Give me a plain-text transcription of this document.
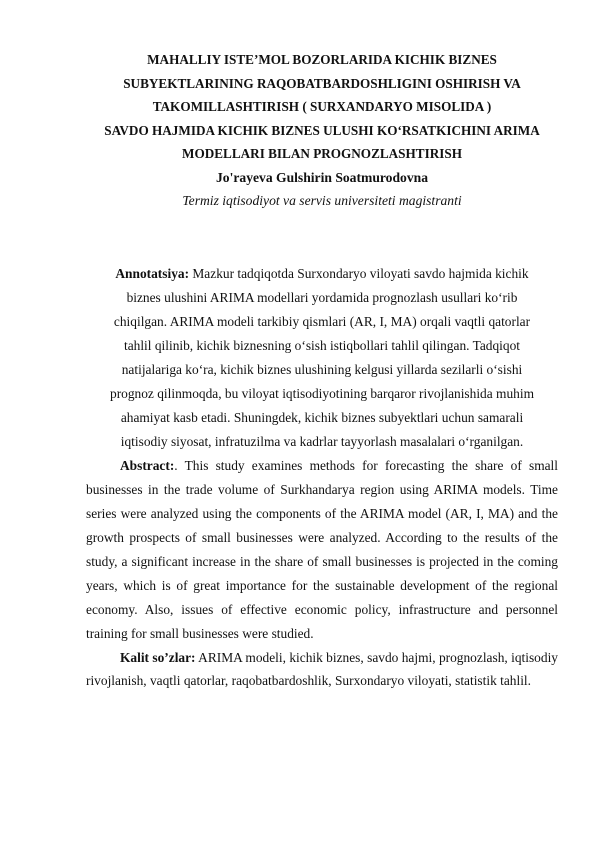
MAHALLIY ISTE’MOL BOZORLARIDA KICHIK BIZNES
SUBYEKTLARINING RAQOBATBARDOSHLIGINI OSHIRISH VA
TAKOMILLASHTIRISH ( SURXANDARYO MISOLIDA )
SAVDO HAJMIDA KICHIK BIZNES ULUSHI KO‘RSATKICHINI ARIMA
MODELLARI BILAN PROGNOZLASHTIRISH

Jo'rayeva Gulshirin Soatmurodovna

Termiz iqtisodiyot va servis universiteti magistranti

Annotatsiya: Mazkur tadqiqotda Surxondaryo viloyati savdo hajmida kichik
biznes ulushini ARIMA modellari yordamida prognozlash usullari ko‘rib
chiqilgan. ARIMA modeli tarkibiy qismlari (AR, I, MA) orqali vaqtli qatorlar
tahlil qilinib, kichik biznesning o‘sish istiqbollari tahlil qilingan. Tadqiqot
natijalariga ko‘ra, kichik biznes ulushining kelgusi yillarda sezilarli o‘sishi
prognoz qilinmoqda, bu viloyat iqtisodiyotining barqaror rivojlanishida muhim
ahamiyat kasb etadi. Shuningdek, kichik biznes subyektlari uchun samarali
iqtisodiy siyosat, infratuzilma va kadrlar tayyorlash masalalari o‘rganilgan.

Abstract:. This study examines methods for forecasting the share of small businesses in the trade volume of Surkhandarya region using ARIMA models. Time series were analyzed using the components of the ARIMA model (AR, I, MA) and the growth prospects of small businesses were analyzed. According to the results of the study, a significant increase in the share of small businesses is projected in the coming years, which is of great importance for the sustainable development of the regional economy. Also, issues of effective economic policy, infrastructure and personnel training for small businesses were studied.

Kalit so’zlar: ARIMA modeli, kichik biznes, savdo hajmi, prognozlash, iqtisodiy rivojlanish, vaqtli qatorlar, raqobatbardoshlik, Surxondaryo viloyati, statistik tahlil.
